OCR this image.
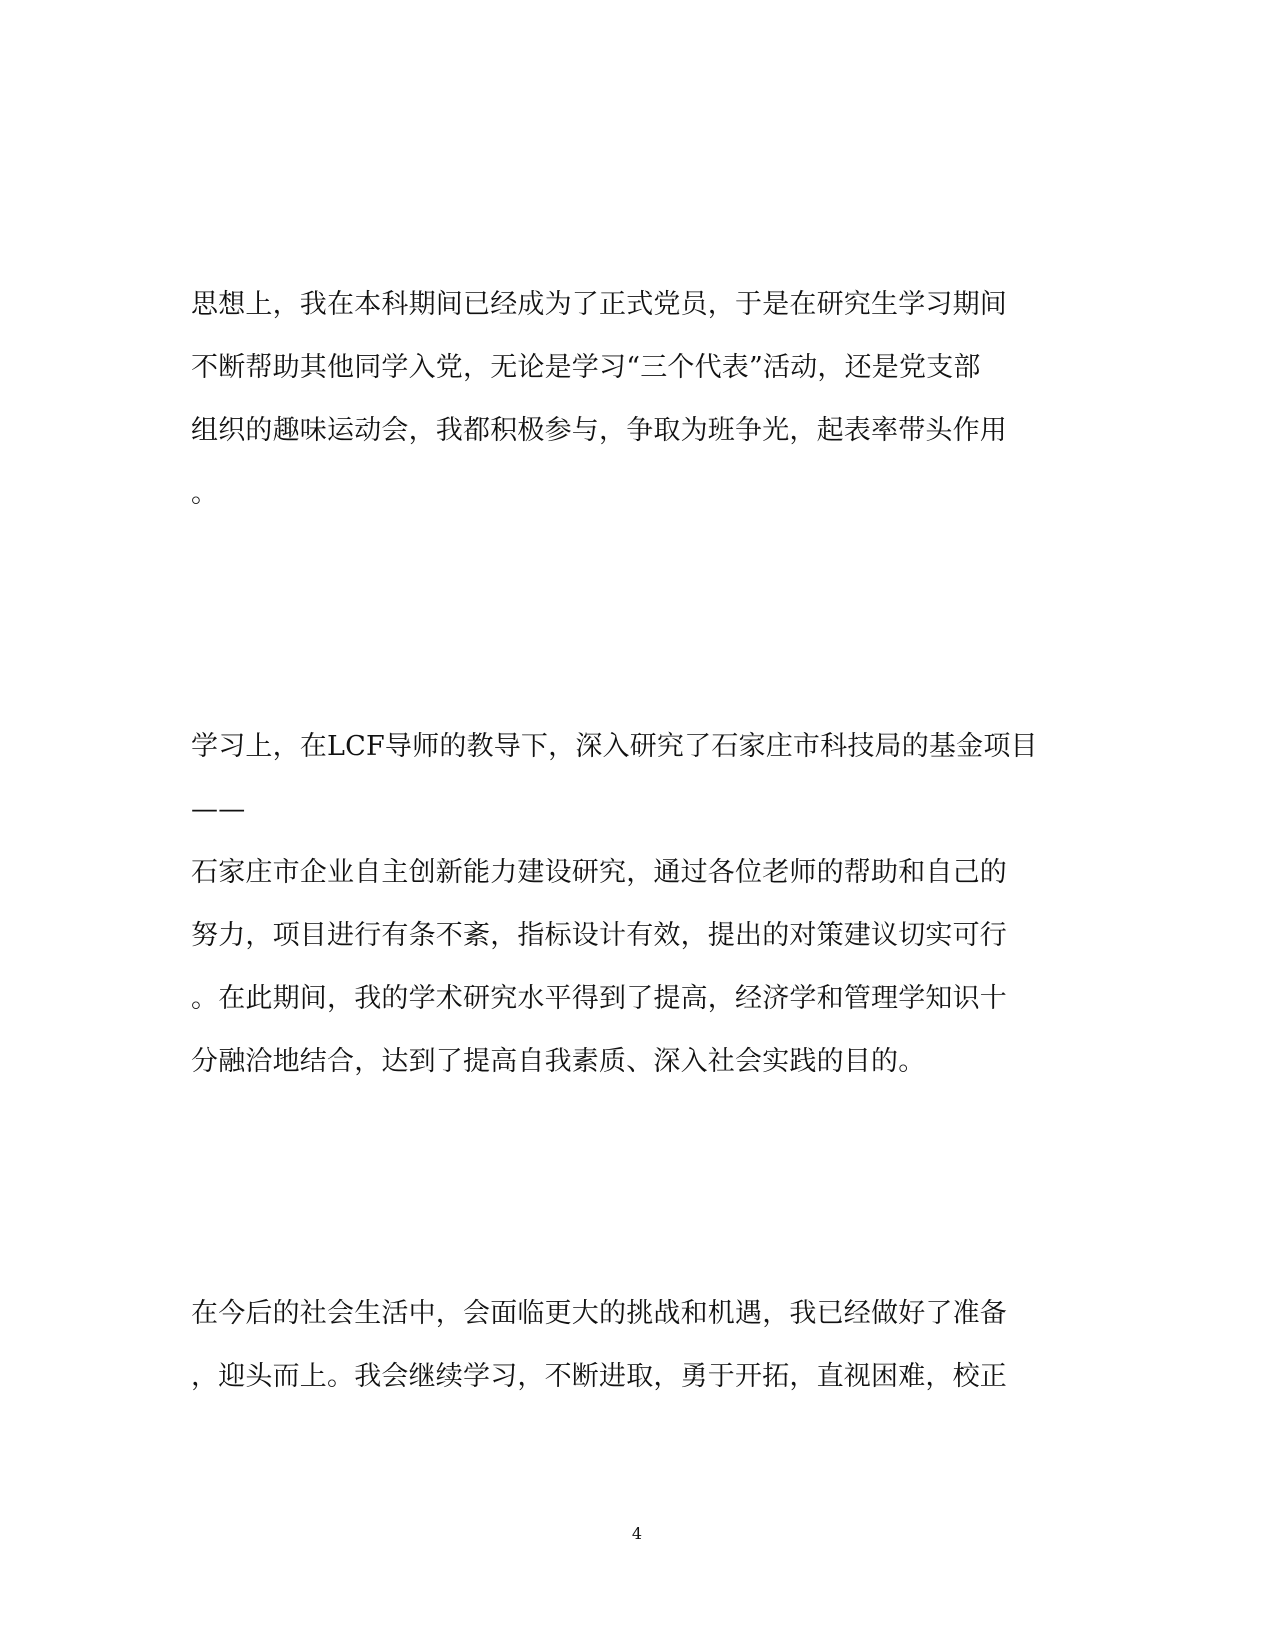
思想上，我在本科期间已经成为了正式党员，于是在研究生学习期间
不断帮助其他同学入党，无论是学习“三个代表”活动，还是党支部
组织的趣味运动会，我都积极参与，争取为班争光，起表率带头作用
。
学习上，在LCF导师的教导下，深入研究了石家庄市科技局的基金项目
——
石家庄市企业自主创新能力建设研究，通过各位老师的帮助和自己的
努力，项目进行有条不紊，指标设计有效，提出的对策建议切实可行
。在此期间，我的学术研究水平得到了提高，经济学和管理学知识十
分融洽地结合，达到了提高自我素质、深入社会实践的目的。
在今后的社会生活中，会面临更大的挑战和机遇，我已经做好了准备
，迎头而上。我会继续学习，不断进取，勇于开拓，直视困难，校正
4
